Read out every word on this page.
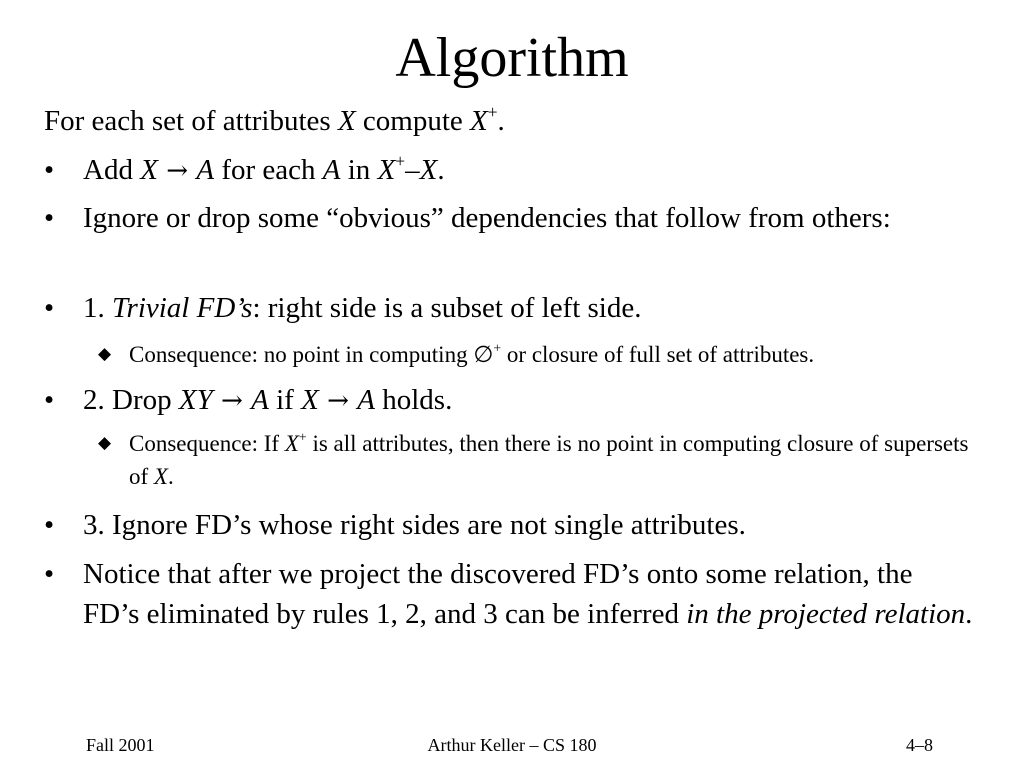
Algorithm
For each set of attributes X compute X+.
• Add X → A for each A in X+–X.
• Ignore or drop some “obvious” dependencies that follow from others:
• 1. Trivial FD’s: right side is a subset of left side.
◆ Consequence: no point in computing ∅+ or closure of full set of attributes.
• 2. Drop XY → A if X → A holds.
◆ Consequence: If X+ is all attributes, then there is no point in computing closure of supersets of X.
• 3. Ignore FD’s whose right sides are not single attributes.
• Notice that after we project the discovered FD’s onto some relation, the FD’s eliminated by rules 1, 2, and 3 can be inferred in the projected relation.
Fall 2001	Arthur Keller – CS 180	4–8
